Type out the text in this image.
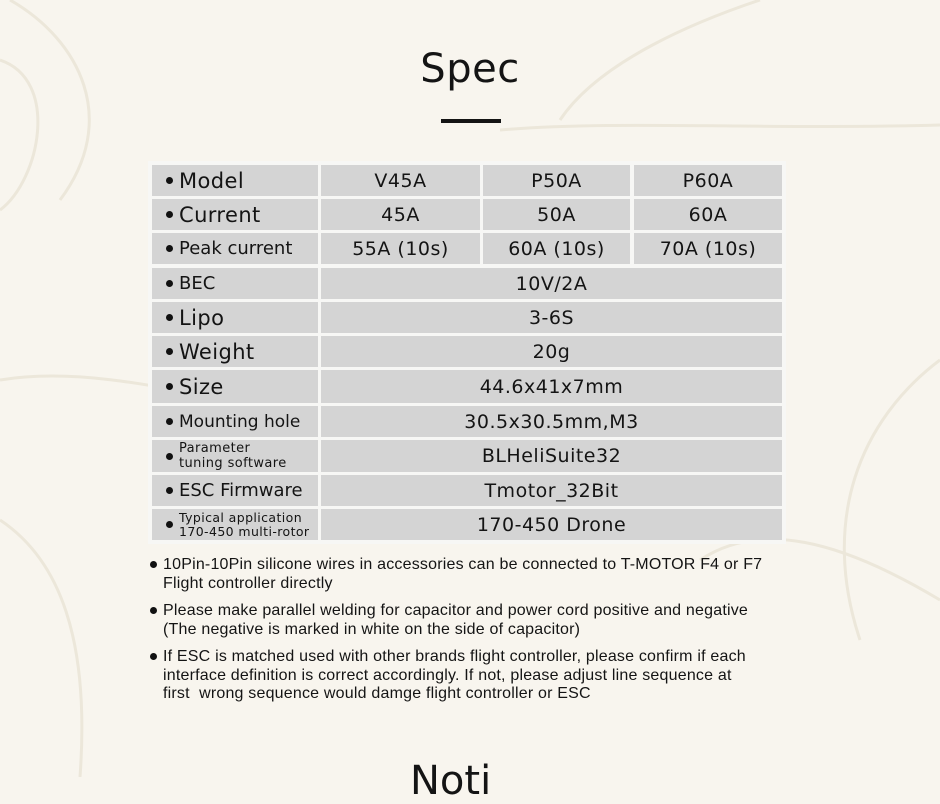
Spec
Model	V45A	P50A	P60A
Current	45A	50A	60A
Peak current	55A (10s)	60A (10s)	70A (10s)
BEC	10V/2A
Lipo	3-6S
Weight	20g
Size	44.6x41x7mm
Mounting hole	30.5x30.5mm,M3
Parameter
tuning software	BLHeliSuite32
ESC Firmware	Tmotor_32Bit
Typical application
170-450 multi-rotor	170-450 Drone
10Pin-10Pin silicone wires in accessories can be connected to T-MOTOR F4 or F7
Flight controller directly
Please make parallel welding for capacitor and power cord positive and negative
(The negative is marked in white on the side of capacitor)
If ESC is matched used with other brands flight controller, please confirm if each
interface definition is correct accordingly. If not, please adjust line sequence at
first  wrong sequence would damge flight controller or ESC
Noti
